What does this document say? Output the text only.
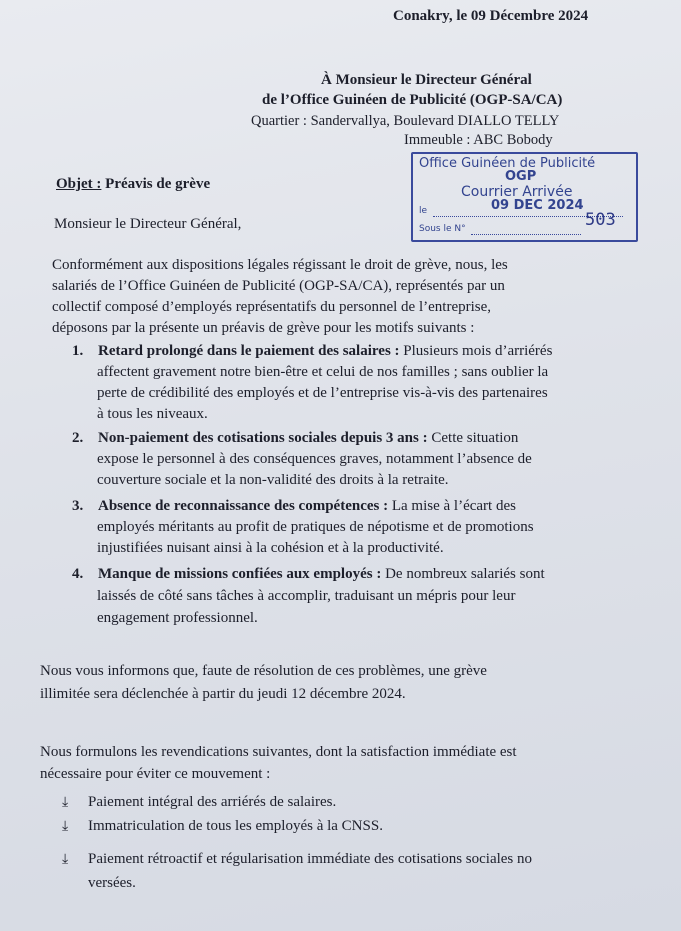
Conakry, le 09 Décembre 2024
À Monsieur le Directeur Général
de l’Office Guinéen de Publicité (OGP-SA/CA)
Quartier : Sandervallya, Boulevard DIALLO TELLY
Immeuble : ABC Bobody
Office Guinéen de Publicité
OGP
Courrier Arrivée
le	09 DEC 2024
Sous le N°	503
Objet : Préavis de grève
Monsieur le Directeur Général,
Conformément aux dispositions légales régissant le droit de grève, nous, les
salariés de l’Office Guinéen de Publicité (OGP-SA/CA), représentés par un
collectif composé d’employés représentatifs du personnel de l’entreprise,
déposons par la présente un préavis de grève pour les motifs suivants :
1. Retard prolongé dans le paiement des salaires : Plusieurs mois d’arriérés
affectent gravement notre bien-être et celui de nos familles ; sans oublier la
perte de crédibilité des employés et de l’entreprise vis-à-vis des partenaires
à tous les niveaux.
2. Non-paiement des cotisations sociales depuis 3 ans : Cette situation
expose le personnel à des conséquences graves, notamment l’absence de
couverture sociale et la non-validité des droits à la retraite.
3. Absence de reconnaissance des compétences : La mise à l’écart des
employés méritants au profit de pratiques de népotisme et de promotions
injustifiées nuisant ainsi à la cohésion et à la productivité.
4. Manque de missions confiées aux employés : De nombreux salariés sont
laissés de côté sans tâches à accomplir, traduisant un mépris pour leur
engagement professionnel.
Nous vous informons que, faute de résolution de ces problèmes, une grève
illimitée sera déclenchée à partir du jeudi 12 décembre 2024.
Nous formulons les revendications suivantes, dont la satisfaction immédiate est
nécessaire pour éviter ce mouvement :
⤓ Paiement intégral des arriérés de salaires.
⤓ Immatriculation de tous les employés à la CNSS.
⤓ Paiement rétroactif et régularisation immédiate des cotisations sociales no
versées.
